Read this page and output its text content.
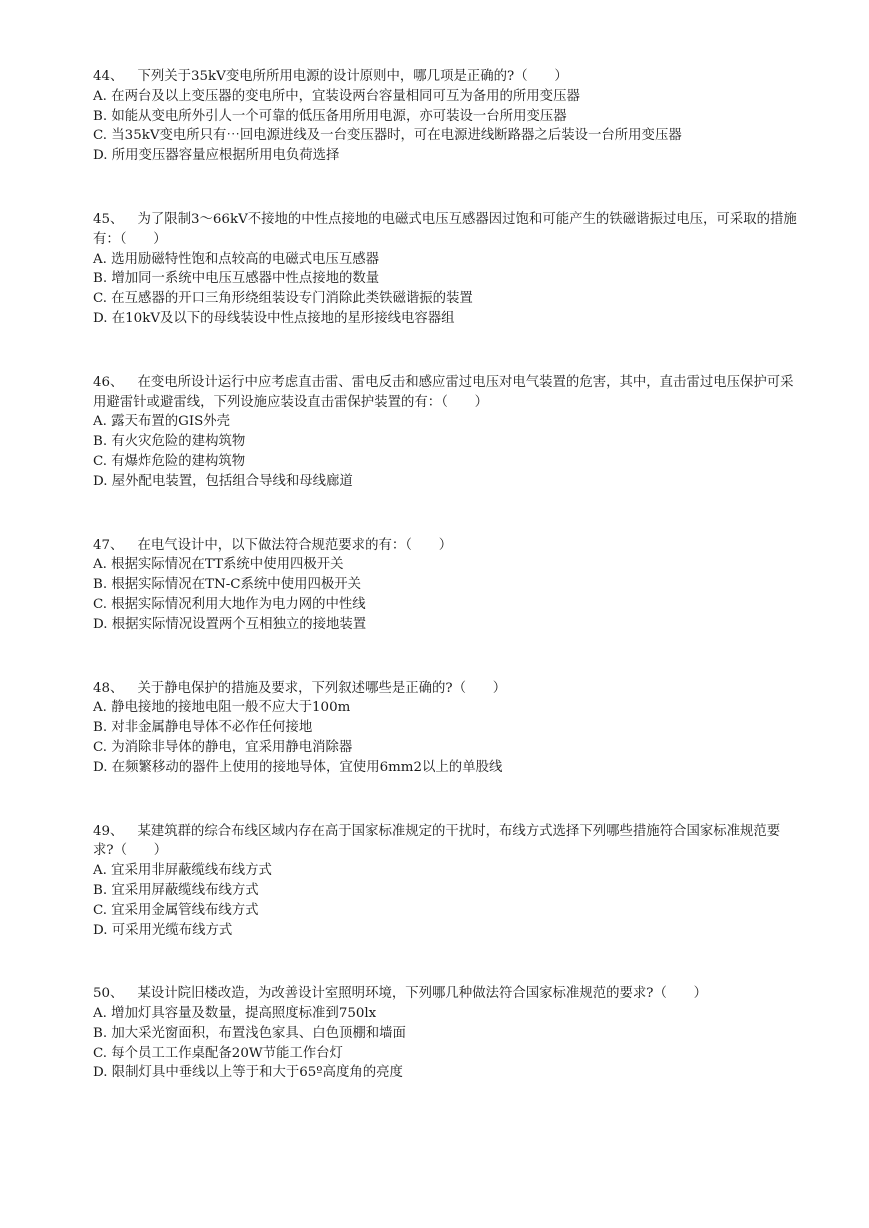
44、 下列关于35kV变电所所用电源的设计原则中，哪几项是正确的?（　　）

A. 在两台及以上变压器的变电所中，宜装设两台容量相同可互为备用的所用变压器

B. 如能从变电所外引人一个可靠的低压备用所用电源，亦可装设一台所用变压器

C. 当35kV变电所只有⋯回电源进线及一台变压器时，可在电源进线断路器之后装设一台所用变压器

D. 所用变压器容量应根据所用电负荷选择

45、 为了限制3～66kV不接地的中性点接地的电磁式电压互感器因过饱和可能产生的铁磁谐振过电压，可采取的措施有：（　　）

A. 选用励磁特性饱和点较高的电磁式电压互感器

B. 增加同一系统中电压互感器中性点接地的数量

C. 在互感器的开口三角形绕组装设专门消除此类铁磁谐振的装置

D. 在10kV及以下的母线装设中性点接地的星形接线电容器组

46、 在变电所设计运行中应考虑直击雷、雷电反击和感应雷过电压对电气装置的危害，其中，直击雷过电压保护可采用避雷针或避雷线，下列设施应装设直击雷保护装置的有：（　　）

A. 露天布置的GIS外壳

B. 有火灾危险的建构筑物

C. 有爆炸危险的建构筑物

D. 屋外配电装置，包括组合导线和母线廊道

47、 在电气设计中，以下做法符合规范要求的有：（　　）

A. 根据实际情况在TT系统中使用四极开关

B. 根据实际情况在TN-C系统中使用四极开关

C. 根据实际情况利用大地作为电力网的中性线

D. 根据实际情况设置两个互相独立的接地装置

48、 关于静电保护的措施及要求，下列叙述哪些是正确的?（　　）

A. 静电接地的接地电阻一般不应大于100m

B. 对非金属静电导体不必作任何接地

C. 为消除非导体的静电，宜采用静电消除器

D. 在频繁移动的器件上使用的接地导体，宜使用6mm2以上的单股线

49、 某建筑群的综合布线区域内存在高于国家标准规定的干扰时，布线方式选择下列哪些措施符合国家标准规范要求?（　　）

A. 宜采用非屏蔽缆线布线方式

B. 宜采用屏蔽缆线布线方式

C. 宜采用金属管线布线方式

D. 可采用光缆布线方式

50、 某设计院旧楼改造，为改善设计室照明环境，下列哪几种做法符合国家标准规范的要求?（　　）

A. 增加灯具容量及数量，提高照度标准到750lx

B. 加大采光窗面积，布置浅色家具、白色顶棚和墙面

C. 每个员工工作桌配备20W节能工作台灯

D. 限制灯具中垂线以上等于和大于65º高度角的亮度
